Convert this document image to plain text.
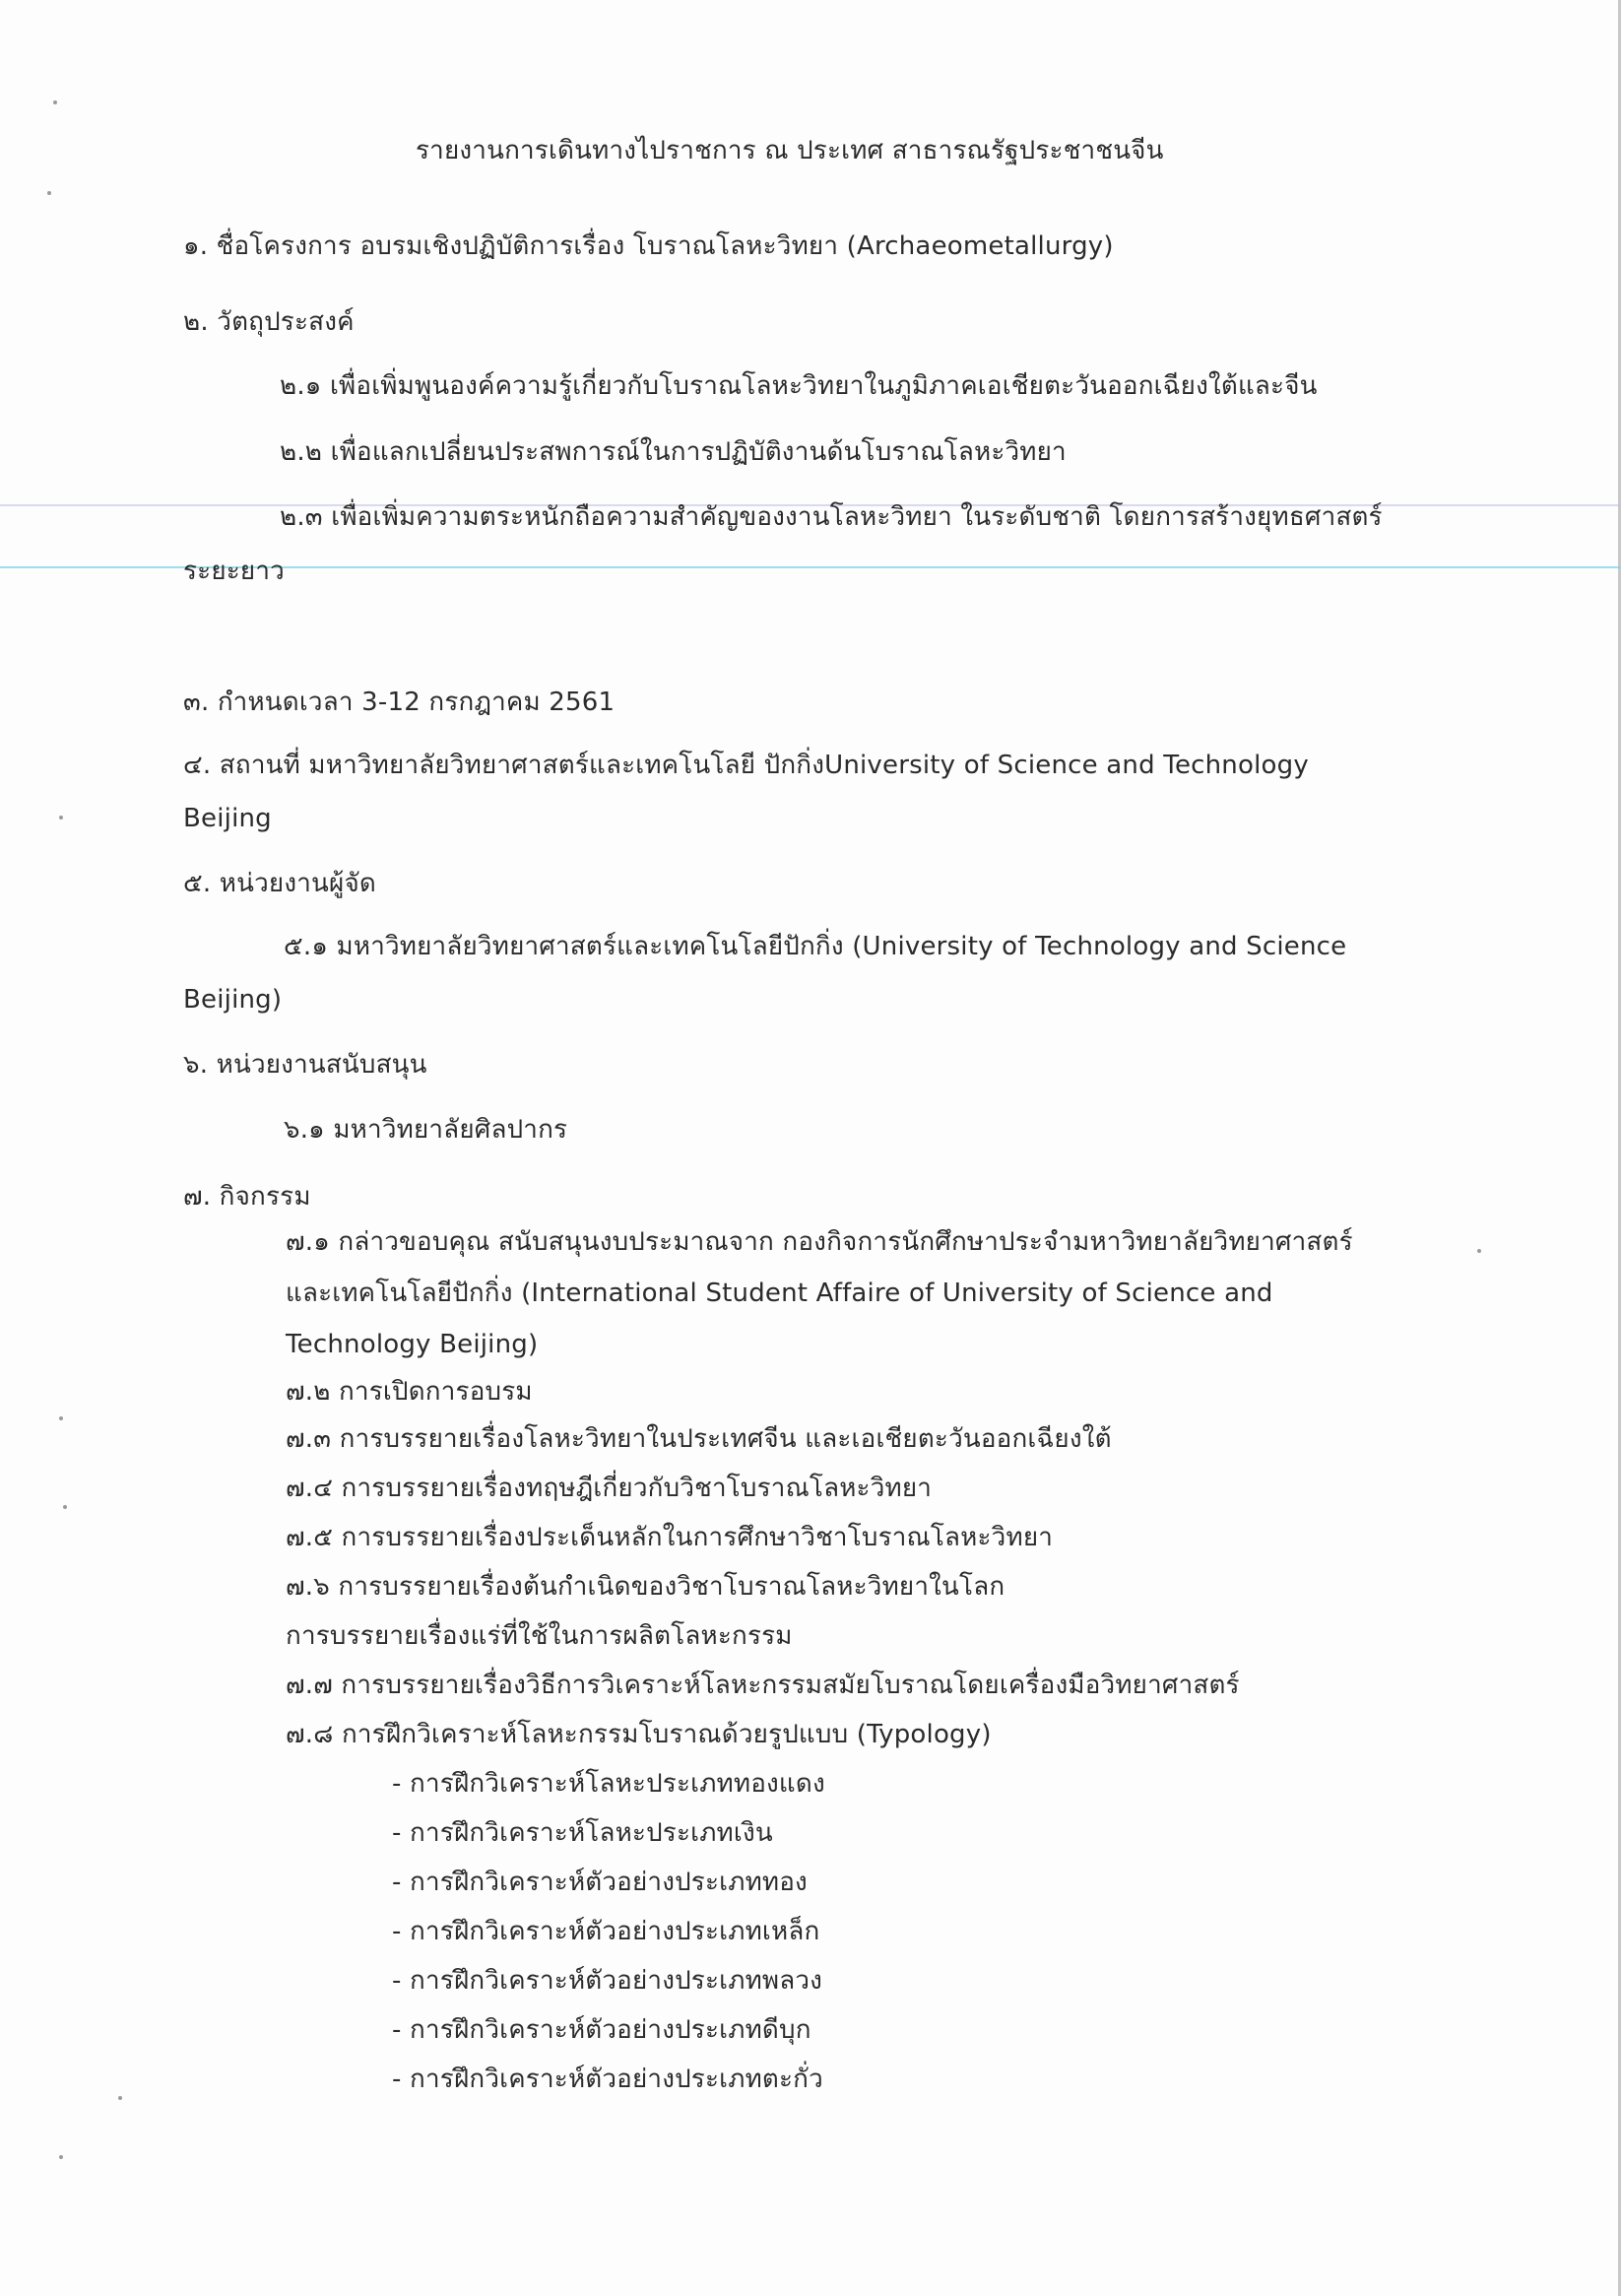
รายงานการเดินทางไปราชการ ณ ประเทศ สาธารณรัฐประชาชนจีน
๑. ชื่อโครงการ อบรมเชิงปฏิบัติการเรื่อง โบราณโลหะวิทยา (Archaeometallurgy)
๒. วัตถุประสงค์
๒.๑ เพื่อเพิ่มพูนองค์ความรู้เกี่ยวกับโบราณโลหะวิทยาในภูมิภาคเอเชียตะวันออกเฉียงใต้และจีน
๒.๒ เพื่อแลกเปลี่ยนประสพการณ์ในการปฏิบัติงานด้นโบราณโลหะวิทยา
๒.๓ เพื่อเพิ่มความตระหนักถือความสำคัญของงานโลหะวิทยา ในระดับชาติ โดยการสร้างยุทธศาสตร์
ระยะยาว
๓. กำหนดเวลา 3-12 กรกฎาคม 2561
๔. สถานที่ มหาวิทยาลัยวิทยาศาสตร์และเทคโนโลยี ปักกิ่งUniversity of Science and Technology
Beijing
๕. หน่วยงานผู้จัด
๕.๑ มหาวิทยาลัยวิทยาศาสตร์และเทคโนโลยีปักกิ่ง (University of Technology and Science
Beijing)
๖. หน่วยงานสนับสนุน
๖.๑ มหาวิทยาลัยศิลปากร
๗. กิจกรรม
๗.๑ กล่าวขอบคุณ สนับสนุนงบประมาณจาก กองกิจการนักศึกษาประจำมหาวิทยาลัยวิทยาศาสตร์
และเทคโนโลยีปักกิ่ง (International Student Affaire of University of Science and
Technology Beijing)
๗.๒ การเปิดการอบรม
๗.๓ การบรรยายเรื่องโลหะวิทยาในประเทศจีน และเอเชียตะวันออกเฉียงใต้
๗.๔ การบรรยายเรื่องทฤษฎีเกี่ยวกับวิชาโบราณโลหะวิทยา
๗.๕ การบรรยายเรื่องประเด็นหลักในการศึกษาวิชาโบราณโลหะวิทยา
๗.๖ การบรรยายเรื่องต้นกำเนิดของวิชาโบราณโลหะวิทยาในโลก
การบรรยายเรื่องแร่ที่ใช้ในการผลิตโลหะกรรม
๗.๗ การบรรยายเรื่องวิธีการวิเคราะห์โลหะกรรมสมัยโบราณโดยเครื่องมือวิทยาศาสตร์
๗.๘ การฝึกวิเคราะห์โลหะกรรมโบราณด้วยรูปแบบ (Typology)
- การฝึกวิเคราะห์โลหะประเภททองแดง
- การฝึกวิเคราะห์โลหะประเภทเงิน
- การฝึกวิเคราะห์ตัวอย่างประเภททอง
- การฝึกวิเคราะห์ตัวอย่างประเภทเหล็ก
- การฝึกวิเคราะห์ตัวอย่างประเภทพลวง
- การฝึกวิเคราะห์ตัวอย่างประเภทดีบุก
- การฝึกวิเคราะห์ตัวอย่างประเภทตะกั่ว
